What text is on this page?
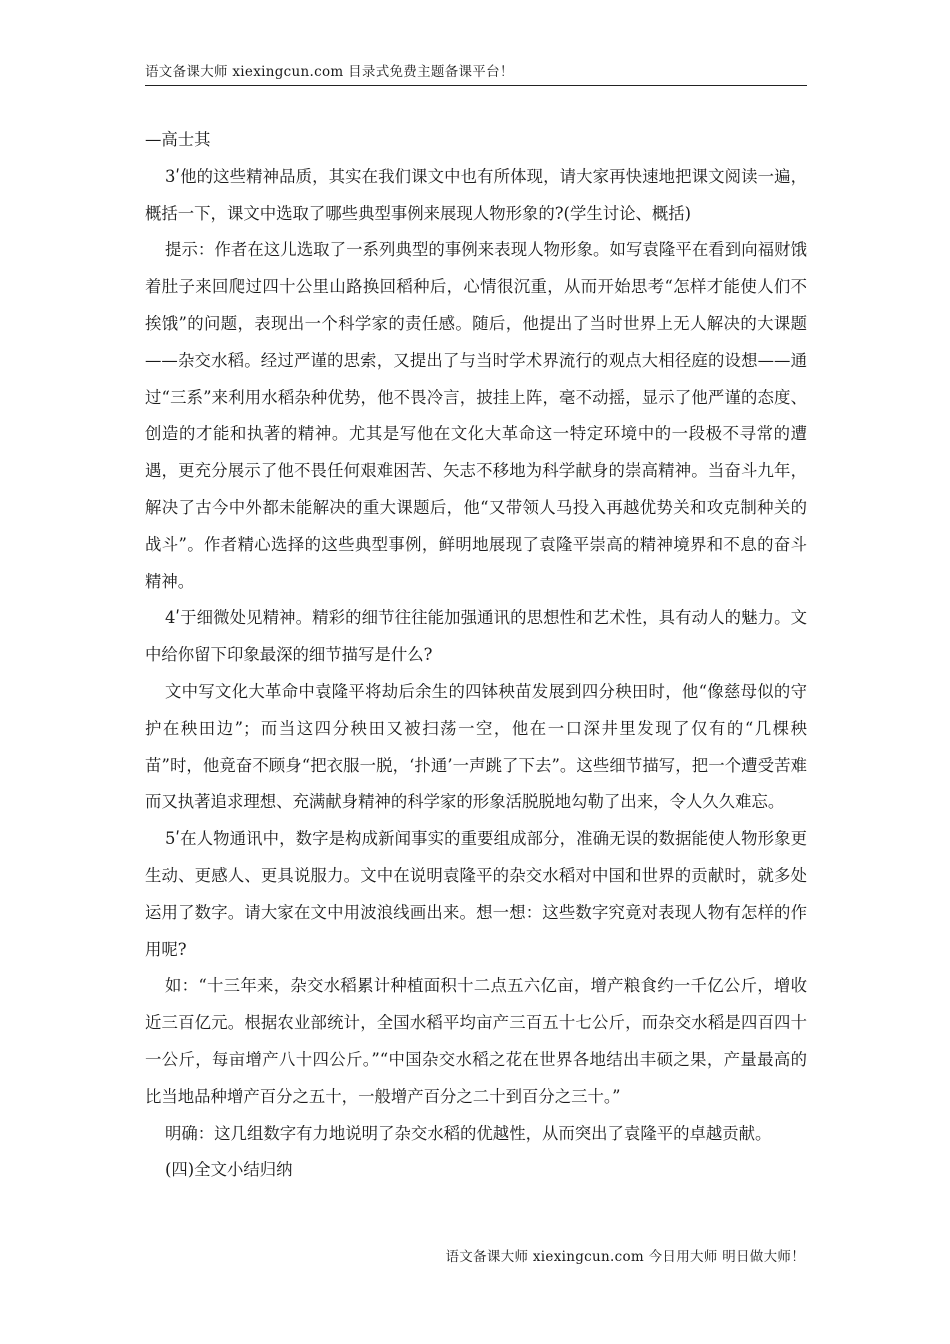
语文备课大师 xiexingcun.com 目录式免费主题备课平台！

—高士其

3ʹ他的这些精神品质，其实在我们课文中也有所体现，请大家再快速地把课文阅读一遍，概括一下，课文中选取了哪些典型事例来展现人物形象的?(学生讨论、概括)

提示：作者在这儿选取了一系列典型的事例来表现人物形象。如写袁隆平在看到向福财饿着肚子来回爬过四十公里山路换回稻种后，心情很沉重，从而开始思考“怎样才能使人们不挨饿”的问题，表现出一个科学家的责任感。随后，他提出了当时世界上无人解决的大课题——杂交水稻。经过严谨的思索，又提出了与当时学术界流行的观点大相径庭的设想——通过“三系”来利用水稻杂种优势，他不畏冷言，披挂上阵，毫不动摇，显示了他严谨的态度、创造的才能和执著的精神。尤其是写他在文化大革命这一特定环境中的一段极不寻常的遭遇，更充分展示了他不畏任何艰难困苦、矢志不移地为科学献身的崇高精神。当奋斗九年，解决了古今中外都未能解决的重大课题后，他“又带领人马投入再越优势关和攻克制种关的战斗”。作者精心选择的这些典型事例，鲜明地展现了袁隆平崇高的精神境界和不息的奋斗精神。

4ʹ于细微处见精神。精彩的细节往往能加强通讯的思想性和艺术性，具有动人的魅力。文中给你留下印象最深的细节描写是什么?

文中写文化大革命中袁隆平将劫后余生的四钵秧苗发展到四分秧田时，他“像慈母似的守护在秧田边”；而当这四分秧田又被扫荡一空，他在一口深井里发现了仅有的“几棵秧苗”时，他竟奋不顾身“把衣服一脱，‘扑通’一声跳了下去”。这些细节描写，把一个遭受苦难而又执著追求理想、充满献身精神的科学家的形象活脱脱地勾勒了出来，令人久久难忘。

5ʹ在人物通讯中，数字是构成新闻事实的重要组成部分，准确无误的数据能使人物形象更生动、更感人、更具说服力。文中在说明袁隆平的杂交水稻对中国和世界的贡献时，就多处运用了数字。请大家在文中用波浪线画出来。想一想：这些数字究竟对表现人物有怎样的作用呢?

如：“十三年来，杂交水稻累计种植面积十二点五六亿亩，增产粮食约一千亿公斤，增收近三百亿元。根据农业部统计，全国水稻平均亩产三百五十七公斤，而杂交水稻是四百四十一公斤，每亩增产八十四公斤。”“中国杂交水稻之花在世界各地结出丰硕之果，产量最高的比当地品种增产百分之五十，一般增产百分之二十到百分之三十。”

明确：这几组数字有力地说明了杂交水稻的优越性，从而突出了袁隆平的卓越贡献。

(四)全文小结归纳

语文备课大师 xiexingcun.com 今日用大师 明日做大师！
